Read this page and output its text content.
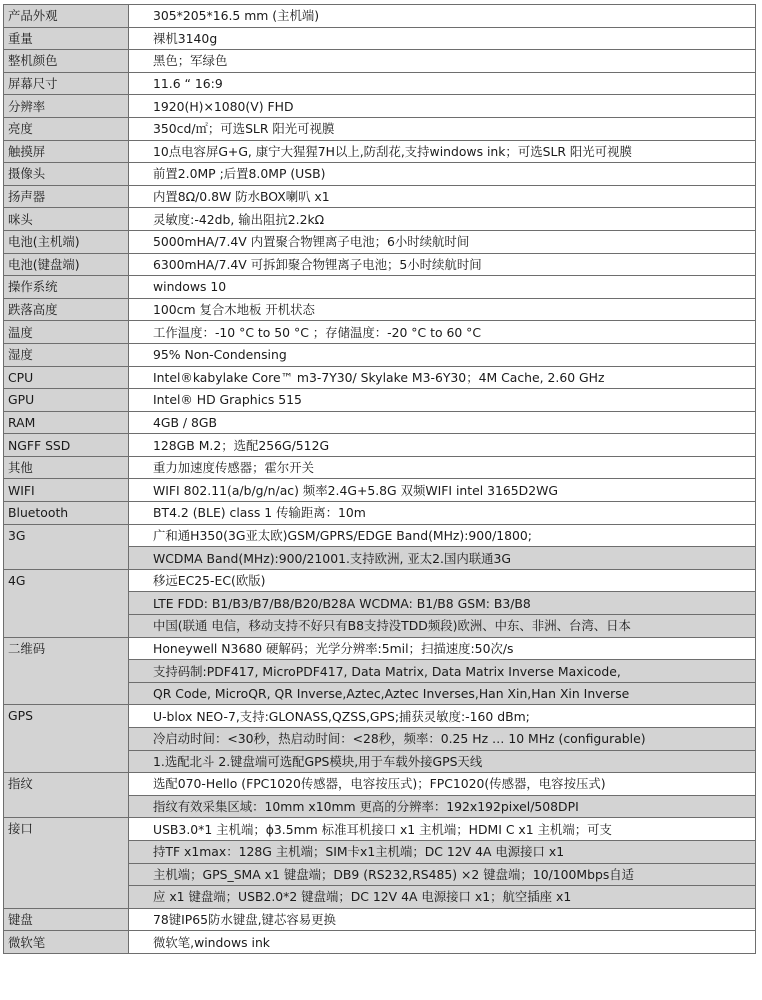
产品外观	305*205*16.5 mm (主机端)
重量	裸机3140g
整机颜色	黑色；军绿色
屏幕尺寸	11.6 “ 16:9
分辨率	1920(H)×1080(V) FHD
亮度	350cd/㎡；可选SLR 阳光可视膜
触摸屏	10点电容屏G+G, 康宁大猩猩7H以上,防刮花,支持windows ink；可选SLR 阳光可视膜
摄像头	前置2.0MP ;后置8.0MP (USB)
扬声器	内置8Ω/0.8W 防水BOX喇叭 x1
咪头	灵敏度:-42db, 输出阻抗2.2kΩ
电池(主机端)	5000mHA/7.4V 内置聚合物锂离子电池；6小时续航时间
电池(键盘端)	6300mHA/7.4V 可拆卸聚合物锂离子电池；5小时续航时间
操作系统	windows 10
跌落高度	100cm 复合木地板 开机状态
温度	工作温度：-10 °C to 50 °C ；存储温度：-20 °C to 60 °C
湿度	95% Non-Condensing
CPU	Intel®kabylake Core™ m3-7Y30/ Skylake M3-6Y30；4M Cache, 2.60 GHz
GPU	Intel® HD Graphics 515
RAM	4GB / 8GB
NGFF SSD	128GB M.2；选配256G/512G
其他	重力加速度传感器；霍尔开关
WIFI	WIFI 802.11(a/b/g/n/ac) 频率2.4G+5.8G 双频WIFI intel 3165D2WG
Bluetooth	BT4.2 (BLE) class 1 传输距离：10m
3G	广和通H350(3G亚太欧)GSM/GPRS/EDGE Band(MHz):900/1800;
	WCDMA Band(MHz):900/21001.支持欧洲, 亚太2.国内联通3G
4G	移远EC25-EC(欧版)
	LTE FDD: B1/B3/B7/B8/B20/B28A WCDMA: B1/B8 GSM: B3/B8
	中国(联通 电信，移动支持不好只有B8支持没TDD频段)欧洲、中东、非洲、台湾、日本
二维码	Honeywell N3680 硬解码；光学分辨率:5mil；扫描速度:50次/s
	支持码制:PDF417, MicroPDF417, Data Matrix, Data Matrix Inverse Maxicode,
	QR Code, MicroQR, QR Inverse,Aztec,Aztec Inverses,Han Xin,Han Xin Inverse
GPS	U-blox NEO-7,支持:GLONASS,QZSS,GPS;捕获灵敏度:-160 dBm;
	冷启动时间：<30秒，热启动时间：<28秒，频率：0.25 Hz … 10 MHz (configurable)
	1.选配北斗 2.键盘端可选配GPS模块,用于车载外接GPS天线
指纹	选配070-Hello (FPC1020传感器，电容按压式)；FPC1020(传感器，电容按压式)
	指纹有效采集区域：10mm x10mm 更高的分辨率：192x192pixel/508DPI
接口	USB3.0*1 主机端；ϕ3.5mm 标准耳机接口 x1 主机端；HDMI C x1 主机端；可支
	持TF x1max：128G 主机端；SIM卡x1主机端；DC 12V 4A 电源接口 x1
	主机端；GPS_SMA x1 键盘端；DB9 (RS232,RS485) ×2 键盘端；10/100Mbps自适
	应 x1 键盘端；USB2.0*2 键盘端；DC 12V 4A 电源接口 x1；航空插座 x1
键盘	78键IP65防水键盘,键芯容易更换
微软笔	微软笔,windows ink
